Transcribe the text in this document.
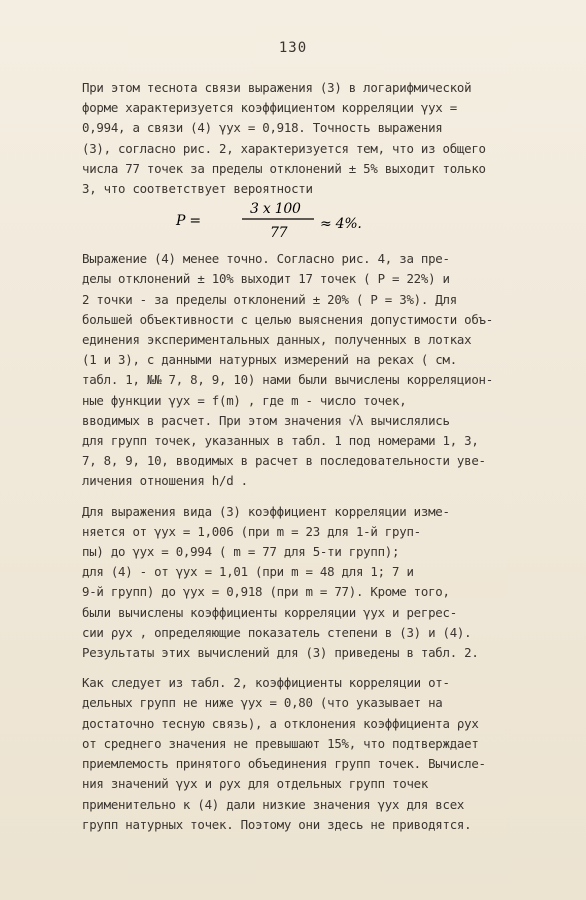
130
При этом теснота связи выражения (3) в логарифмической
форме характеризуется коэффициентом корреляции γyx =
0,994, а связи (4) γyx = 0,918. Точность выражения
(3), согласно рис. 2, характеризуется тем, что из общего
числа 77 точек за пределы отклонений ± 5% выходит только
3, что соответствует вероятности
P =
3 x 100
77
≈ 4%.
Выражение (4) менее точно. Согласно рис. 4, за пре-
делы отклонений ± 10% выходит 17 точек ( P = 22%) и
2 точки - за пределы отклонений ± 20% ( P = 3%). Для
большей объективности с целью выяснения допустимости объ-
единения экспериментальных данных, полученных в лотках
(1 и 3), с данными натурных измерений на реках ( см.
табл. 1, №№ 7, 8, 9, 10) нами были вычислены корреляцион-
ные функции γyx = f(m) , где m - число точек,
вводимых в расчет. При этом значения √λ вычислялись
для групп точек, указанных в табл. 1 под номерами 1, 3,
7, 8, 9, 10, вводимых в расчет в последовательности уве-
личения отношения h/d .
Для выражения вида (3) коэффициент корреляции изме-
няется от γyx = 1,006 (при m = 23 для 1-й груп-
пы) до γyx = 0,994 ( m = 77 для 5-ти групп);
для (4) - от γyx = 1,01 (при m = 48 для 1; 7 и
9-й групп) до γyx = 0,918 (при m = 77). Кроме того,
были вычислены коэффициенты корреляции γyx и регрес-
сии ρyx , определяющие показатель степени в (3) и (4).
Результаты этих вычислений для (3) приведены в табл. 2.
Как следует из табл. 2, коэффициенты корреляции от-
дельных групп не ниже γyx = 0,80 (что указывает на
достаточно тесную связь), а отклонения коэффициента ρyx
от среднего значения не превышают 15%, что подтверждает
приемлемость принятого объединения групп точек. Вычисле-
ния значений γyx и ρyx для отдельных групп точек
применительно к (4) дали низкие значения γyx для всех
групп натурных точек. Поэтому они здесь не приводятся.
